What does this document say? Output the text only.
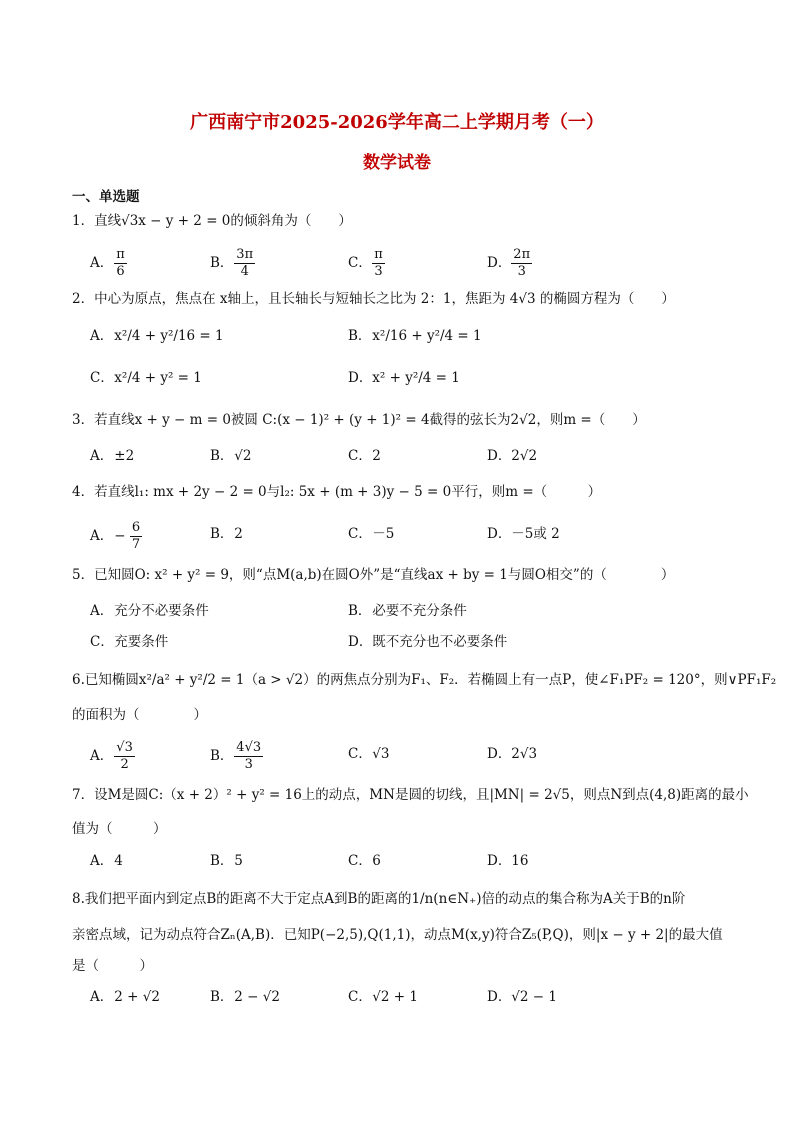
广西南宁市2025-2026学年高二上学期月考（一）
数学试卷
一、单选题
1．直线√3x − y + 2 = 0的倾斜角为（　　）
A． $\frac{\pi}{6}$	B． $\frac{3\pi}{4}$	C． $\frac{\pi}{3}$	D． $\frac{2\pi}{3}$
2．中心为原点，焦点在 x轴上，且长轴长与短轴长之比为 2：1，焦距为 4√3 的椭圆方程为（　　）
A． x²/4 + y²/16 = 1	B． x²/16 + y²/4 = 1
C． x²/4 + y² = 1	D． x² + y²/4 = 1
3．若直线x + y − m = 0被圆 C:(x − 1)² + (y + 1)² = 4截得的弦长为2√2，则m =（　　）
A． ±2	B． √2	C． 2	D． 2√2
4．若直线l₁: mx + 2y − 2 = 0与l₂: 5x + (m + 3)y − 5 = 0平行，则m =（　　　）
A． − $\frac{6}{7}$	B． 2	C． －5	D． －5或 2
5．已知圆O: x² + y² = 9，则“点M(a,b)在圆O外”是“直线ax + by = 1与圆O相交”的（　　　　）
A． 充分不必要条件	B． 必要不充分条件
C． 充要条件	D． 既不充分也不必要条件
6.已知椭圆x²/a² + y²/2 = 1（a > √2）的两焦点分别为F₁、F₂．若椭圆上有一点P，使∠F₁PF₂ = 120°，则∨PF₁F₂
的面积为（　　　　）
A． $\frac{√3}{2}$	B． $\frac{4√3}{3}$	C． √3	D． 2√3
7．设M是圆C:（x + 2）² + y² = 16上的动点，MN是圆的切线，且|MN| = 2√5，则点N到点(4,8)距离的最小
值为（　　　）
A． 4	B． 5	C． 6	D． 16
8.我们把平面内到定点B的距离不大于定点A到B的距离的1/n(n∈N₊)倍的动点的集合称为A关于B的n阶
亲密点域，记为动点符合Zₙ(A,B)．已知P(−2,5),Q(1,1)，动点M(x,y)符合Z₅(P,Q)，则|x − y + 2|的最大值
是（　　　）
A． 2 + √2	B． 2 − √2	C． √2 + 1	D． √2 − 1
